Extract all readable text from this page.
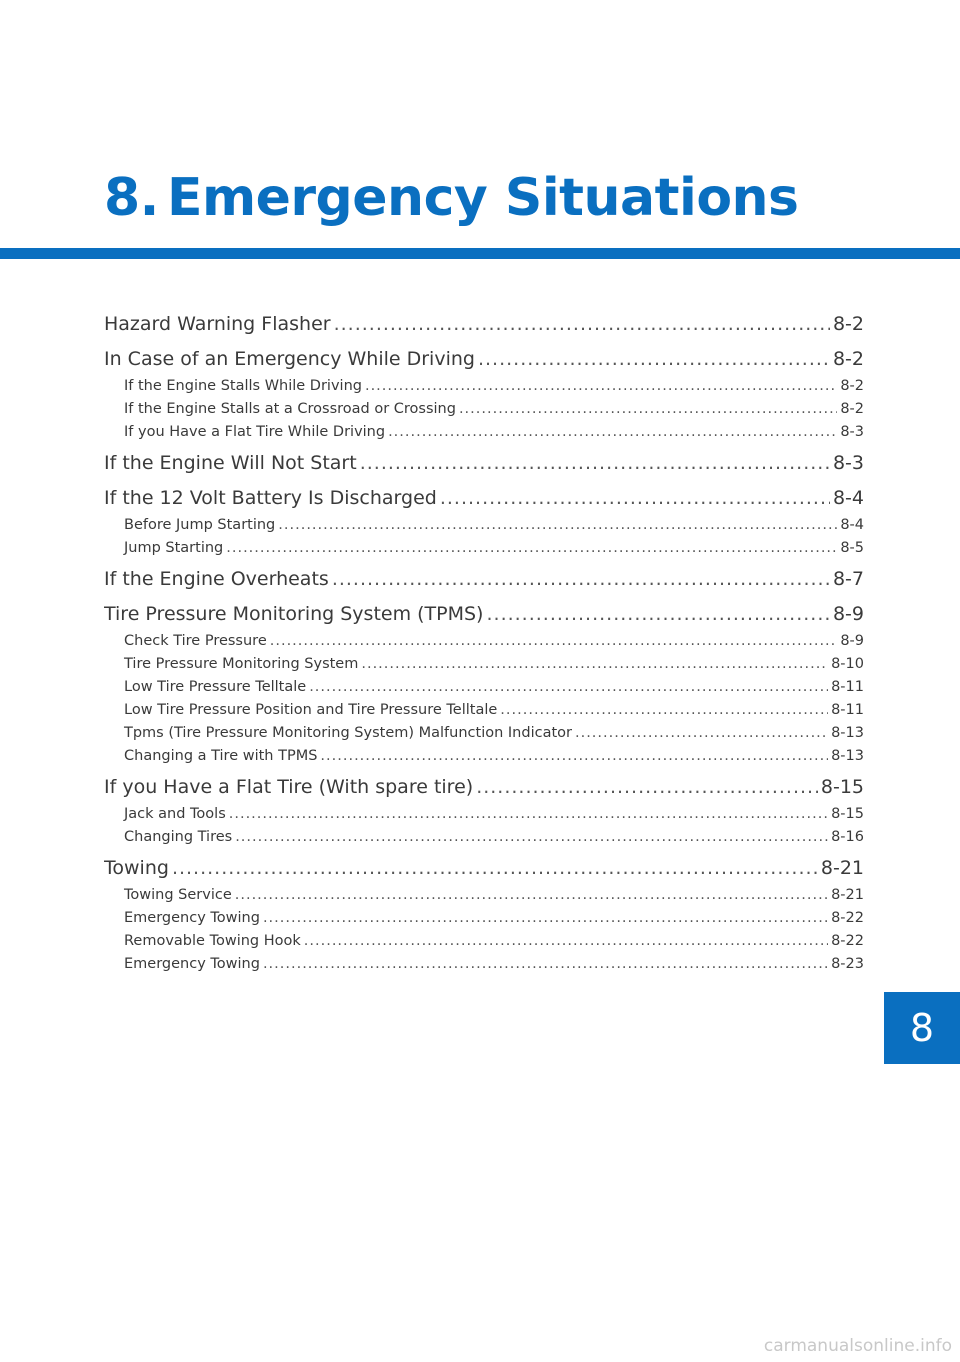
8. Emergency Situations
Hazard Warning Flasher .....	8-2
In Case of an Emergency While Driving .....	8-2
If the Engine Stalls While Driving .....	8-2
If the Engine Stalls at a Crossroad or Crossing .....	8-2
If you Have a Flat Tire While Driving .....	8-3
If the Engine Will Not Start .....	8-3
If the 12 Volt Battery Is Discharged .....	8-4
Before Jump Starting .....	8-4
Jump Starting .....	8-5
If the Engine Overheats .....	8-7
Tire Pressure Monitoring System (TPMS) .....	8-9
Check Tire Pressure .....	8-9
Tire Pressure Monitoring System .....	8-10
Low Tire Pressure Telltale .....	8-11
Low Tire Pressure Position and Tire Pressure Telltale .....	8-11
Tpms (Tire Pressure Monitoring System) Malfunction Indicator .....	8-13
Changing a Tire with TPMS .....	8-13
If you Have a Flat Tire (With spare tire) .....	8-15
Jack and Tools .....	8-15
Changing Tires .....	8-16
Towing .....	8-21
Towing Service .....	8-21
Emergency Towing .....	8-22
Removable Towing Hook .....	8-22
Emergency Towing .....	8-23
8
carmanualsonline.info
